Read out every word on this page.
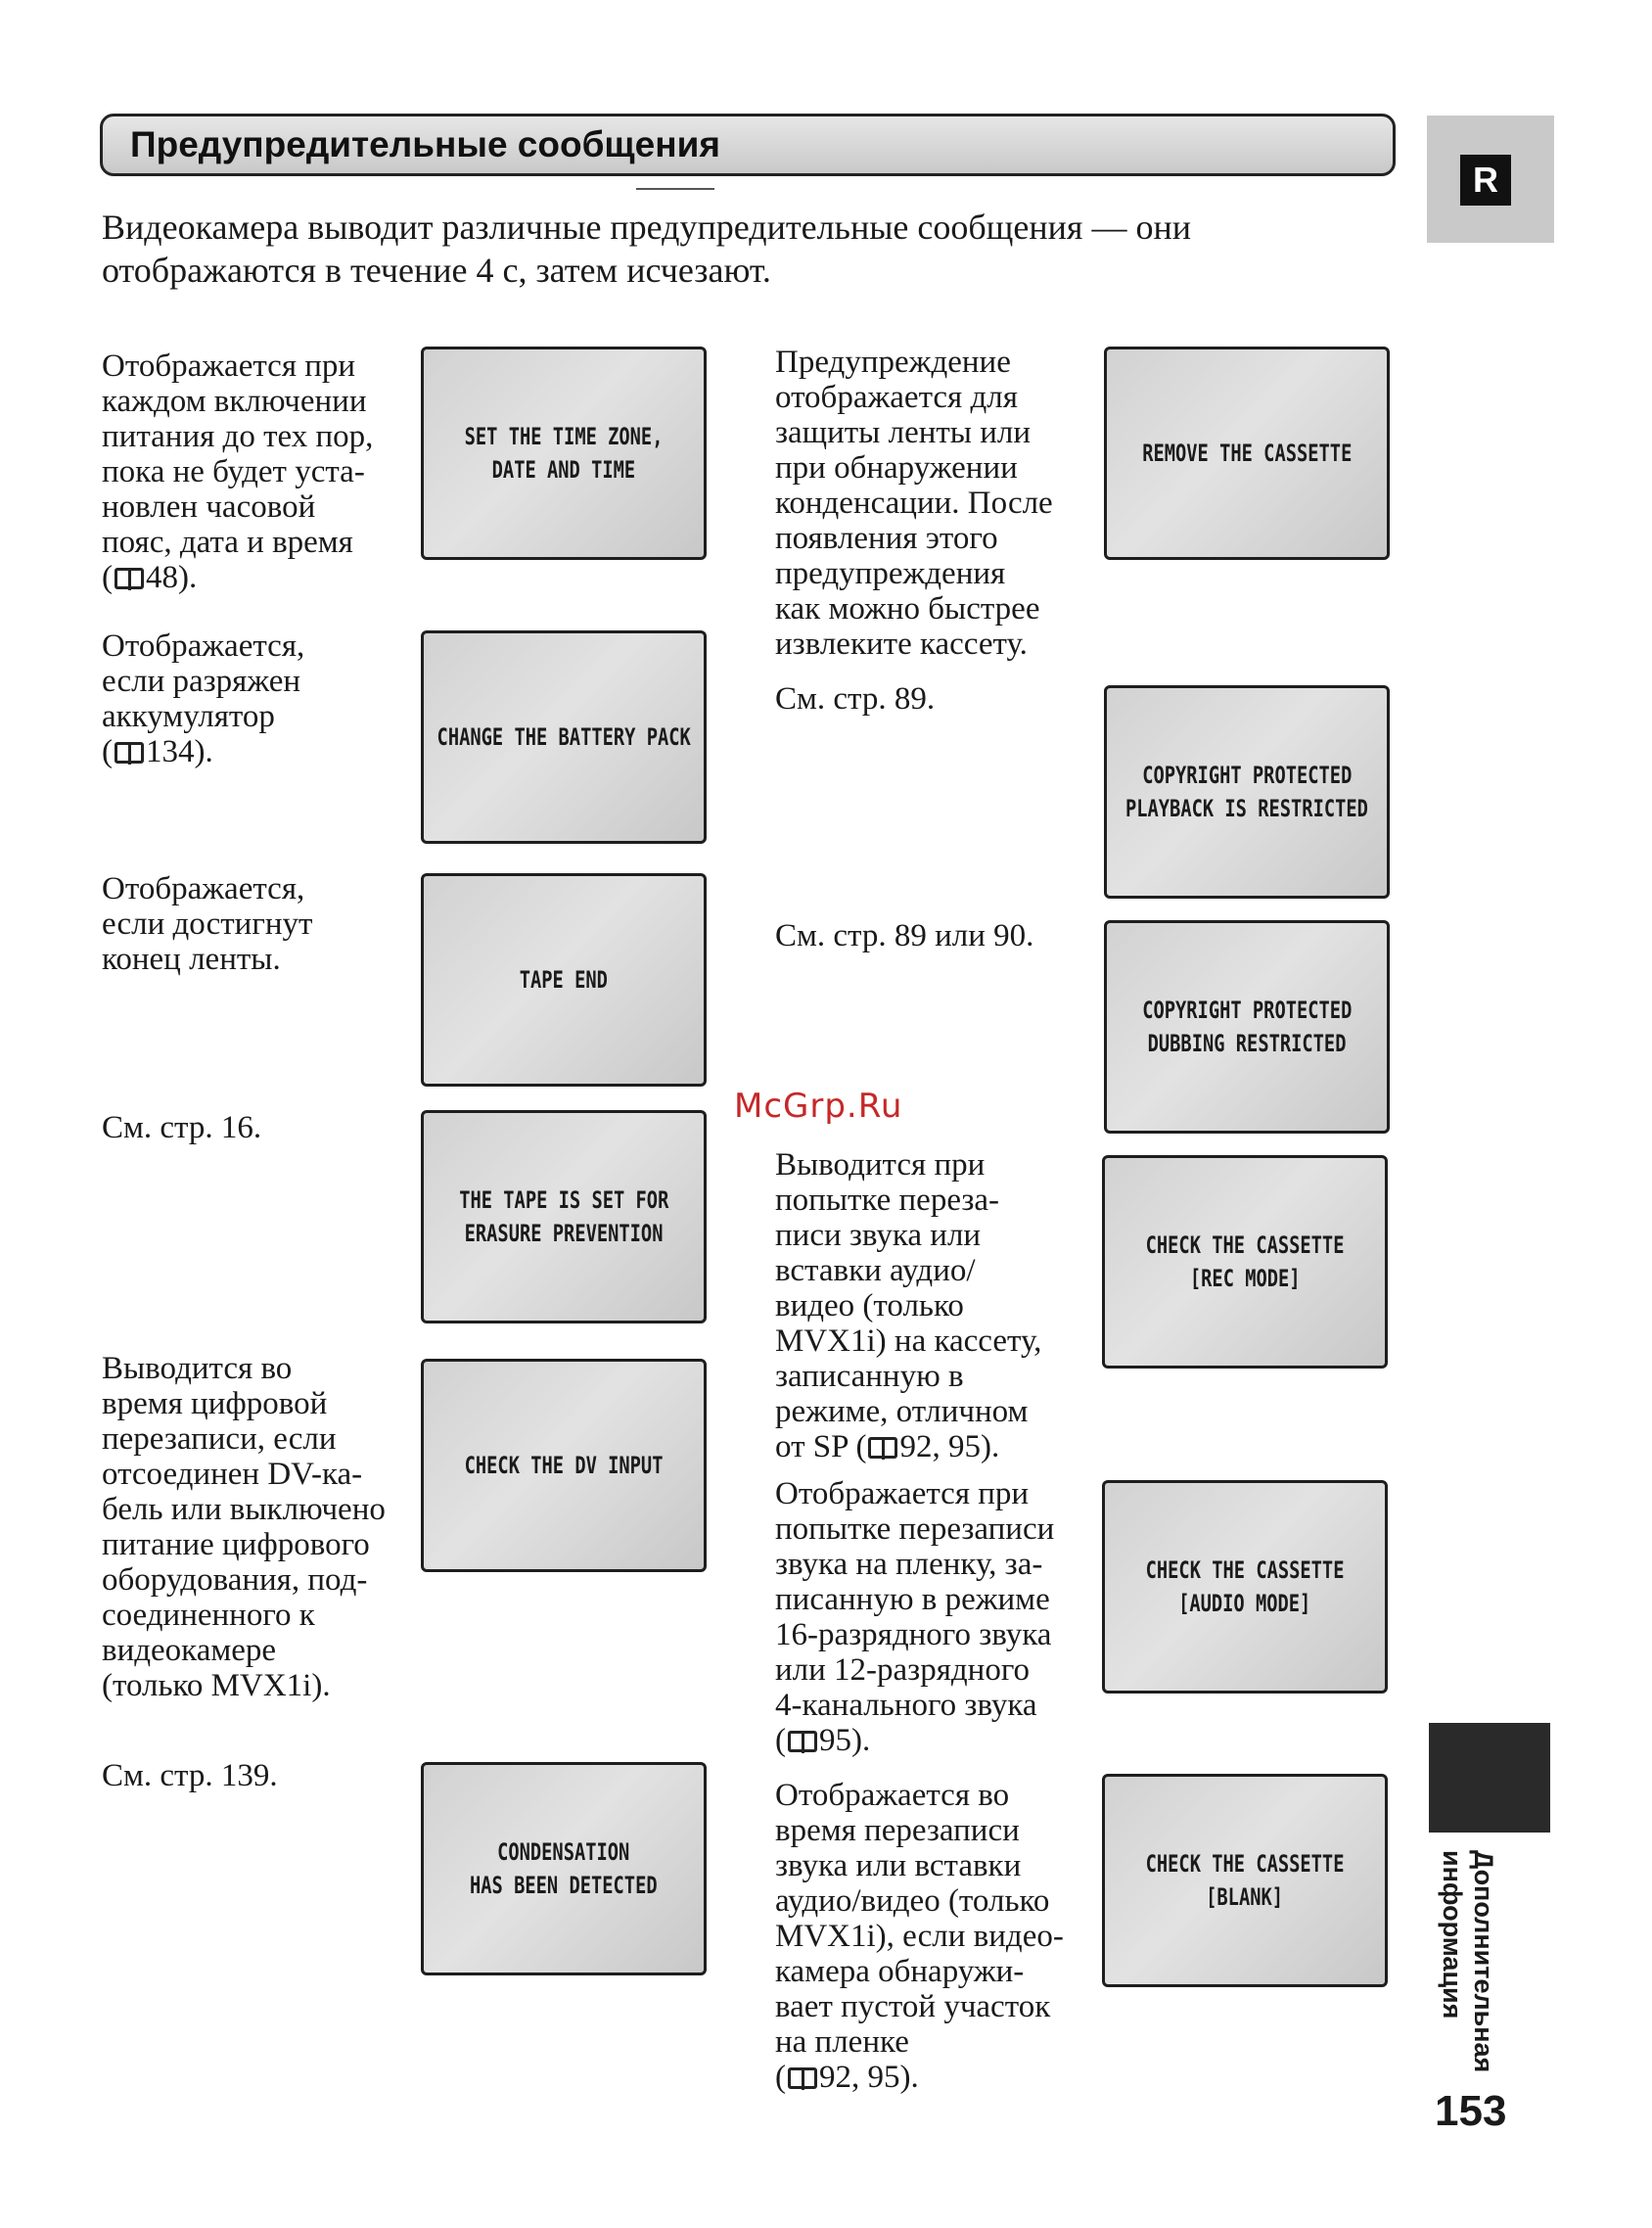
Предупредительные сообщения
R
Видеокамера выводит различные предупредительные сообщения — они отображаются в течение 4 с, затем исчезают.
Отображается при
каждом включении
питания до тех пор,
пока не будет уста-
новлен часовой
пояс, дата и время
( 48).
SET THE TIME ZONE,
DATE AND TIME
Отображается,
если разряжен
аккумулятор
( 134).	CHANGE THE BATTERY PACK
Отображается,
если достигнут
конец ленты.
TAPE END
См. стр. 16.
THE TAPE IS SET FOR
ERASURE PREVENTION
Выводится во
время цифровой
перезаписи, если
отсоединен DV-ка-
бель или выключено
питание цифрового
оборудования, под-
соединенного к
видеокамере
(только MVX1i).
CHECK THE DV INPUT
См. стр. 139.
CONDENSATION
HAS BEEN DETECTED
Предупреждение
отображается для
защиты ленты или
при обнаружении
конденсации. После
появления этого
предупреждения
как можно быстрее
извлеките кассету.
REMOVE THE CASSETTE
См. стр. 89.
COPYRIGHT PROTECTED
PLAYBACK IS RESTRICTED
См. стр. 89 или 90.
COPYRIGHT PROTECTED
DUBBING RESTRICTED
Выводится при
попытке переза-
писи звука или
вставки аудио/
видео (только
MVX1i) на кассету,
записанную в
режиме, отличном
от SP ( 92, 95).
CHECK THE CASSETTE
[REC MODE]
Отображается при
попытке перезаписи
звука на пленку, за-
писанную в режиме
16-разрядного звука
или 12-разрядного
4-канального звука
( 95).
CHECK THE CASSETTE
[AUDIO MODE]
Отображается во
время перезаписи
звука или вставки
аудио/видео (только
MVX1i), если видео-
камера обнаружи-
вает пустой участок
на пленке
( 92, 95).
CHECK THE CASSETTE
[BLANK]
McGrp.Ru
Дополнительная информация
153
